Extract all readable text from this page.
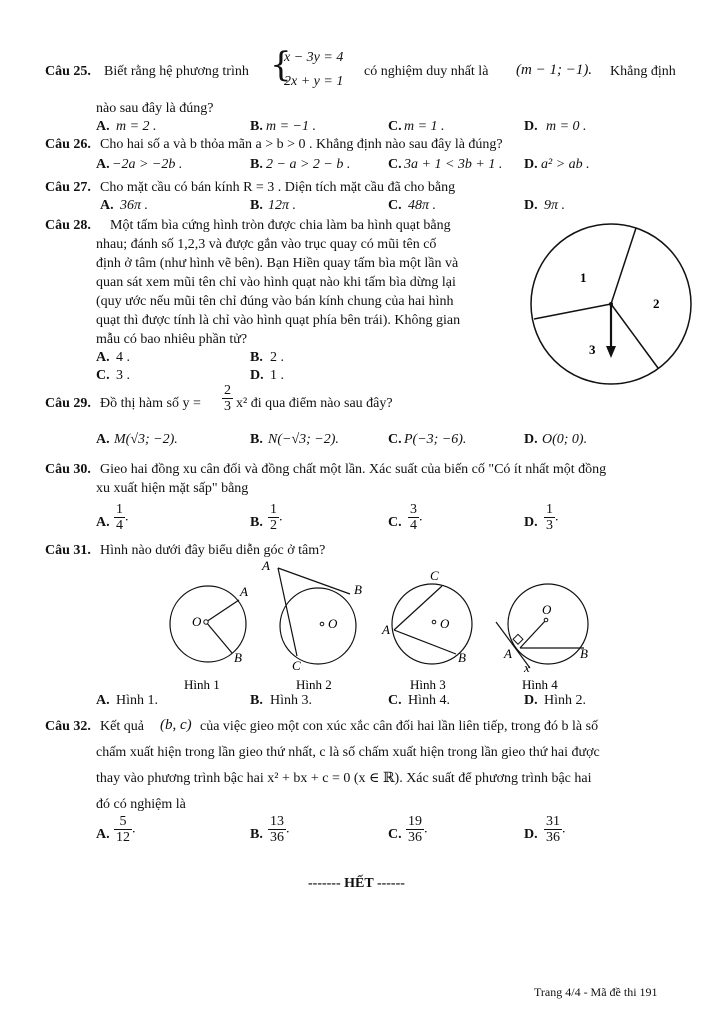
Câu 25. Biết rằng hệ phương trình {
x − 3y = 4
2x + y = 1
có nghiệm duy nhất là (m − 1; −1). Khẳng định
nào sau đây là đúng?
A. m = 2 .	B. m = −1 .	C. m = 1 .	D. m = 0 .
Câu 26. Cho hai số a và b thỏa mãn a > b > 0 . Khẳng định nào sau đây là đúng?
A. −2a > −2b .	B. 2 − a > 2 − b .	C. 3a + 1 < 3b + 1 . D. a² > ab .
Câu 27. Cho mặt cầu có bán kính R = 3 . Diện tích mặt cầu đã cho bằng
A. 36π .	B. 12π .	C. 48π .	D. 9π .
Câu 28. Một tấm bìa cứng hình tròn được chia làm ba hình quạt bằng
nhau; đánh số 1,2,3 và được gắn vào trục quay có mũi tên cố
định ở tâm (như hình vẽ bên). Bạn Hiền quay tấm bìa một lần và
quan sát xem mũi tên chỉ vào hình quạt nào khi tấm bìa dừng lại
(quy ước nếu mũi tên chỉ đúng vào bán kính chung của hai hình
quạt thì được tính là chỉ vào hình quạt phía bên trái). Không gian
mẫu có bao nhiêu phần tử?
A. 4 .	B. 2 .
C. 3 .	D. 1 .
1
2
3
Câu 29. Đồ thị hàm số $y = \frac{2}{3} x^2$ đi qua điểm nào sau đây?
A. M(√3; −2).	B. N(−√3; −2).	C. P(−3; −6).	D. O(0; 0).
Câu 30. Gieo hai đồng xu cân đối và đồng chất một lần. Xác suất của biến cố "Có ít nhất một đồng
xu xuất hiện mặt sấp" bằng
A. $\frac{1}{4}$ .	B. $\frac{1}{2}$ .	C. $\frac{3}{4}$ .	D. $\frac{1}{3}$ .
Câu 31. Hình nào dưới đây biểu diễn góc ở tâm?
O
A
B
Hình 1
A
B
O
C
Hình 2
C
A	O
B
Hình 3
O
A	B
x
Hình 4
A. Hình 1.	B. Hình 3.	C. Hình 4.	D. Hình 2.
Câu 32. Kết quả (b, c) của việc gieo một con xúc xắc cân đối hai lần liên tiếp, trong đó b là số
chấm xuất hiện trong lần gieo thứ nhất, c là số chấm xuất hiện trong lần gieo thứ hai được
thay vào phương trình bậc hai x² + bx + c = 0 (x ∈ ℝ). Xác suất để phương trình bậc hai
đó có nghiệm là
A. $\frac{5}{12}$ .	B. $\frac{13}{36}$ .	C. $\frac{19}{36}$ .	D. $\frac{31}{36}$ .
------- HẾT ------
Trang 4/4 - Mã đề thi 191
